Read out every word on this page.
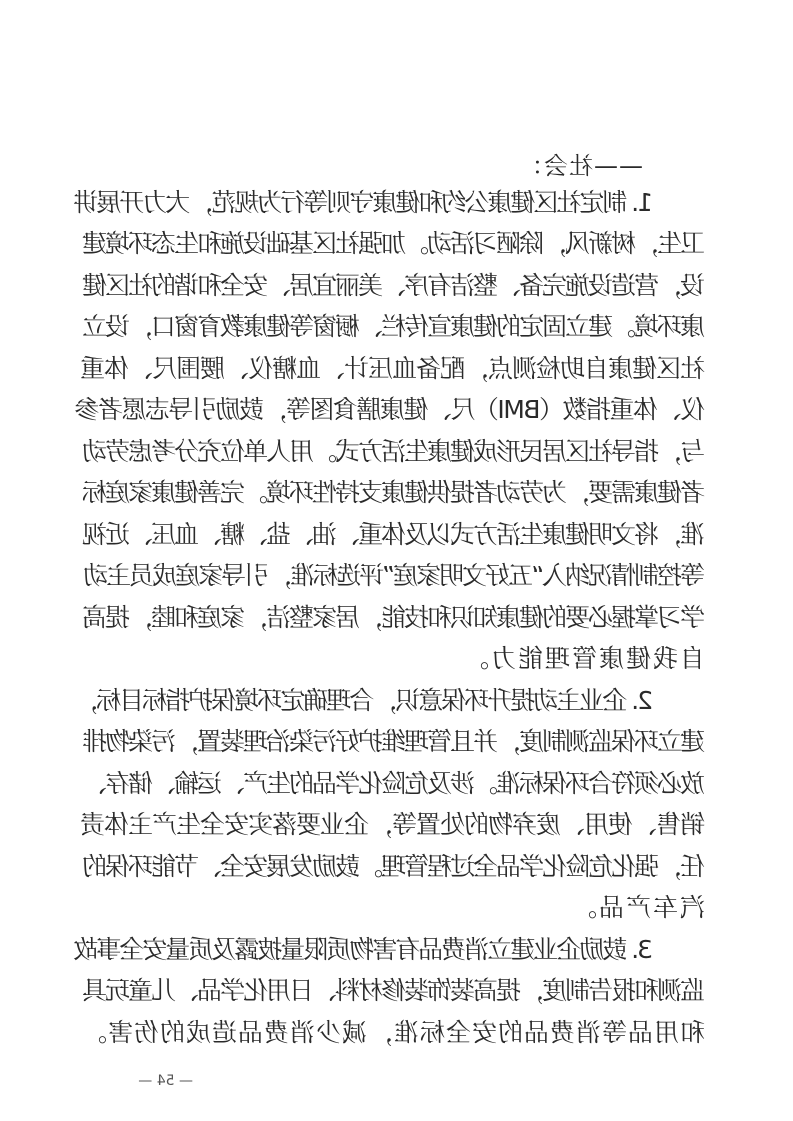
——社会：
1. 制定社区健康公约和健康守则等行为规范，大力开展讲
卫生，树新风，除陋习活动。加强社区基础设施和生态环境建
设，营造设施完备、整洁有序、美丽宜居、安全和谐的社区健
康环境。建立固定的健康宣传栏、橱窗等健康教育窗口，设立
社区健康自助检测点，配备血压计、血糖仪、腰围尺、体重
仪、体重指数（BMI）尺、健康膳食图等，鼓励引导志愿者参
与，指导社区居民形成健康生活方式。用人单位充分考虑劳动
者健康需要，为劳动者提供健康支持性环境。完善健康家庭标
准，将文明健康生活方式以及体重、油、盐、糖、血压、近视
等控制情况纳入“五好文明家庭”评选标准，引导家庭成员主动
学习掌握必要的健康知识和技能，居家整洁，家庭和睦，提高
自我健康管理能力。
2. 企业主动提升环保意识，合理确定环境保护指标目标，
建立环保监测制度，并且管理维护好污染治理装置，污染物排
放必须符合环保标准。涉及危险化学品的生产、运输、储存、
销售、使用、废弃物的处置等，企业要落实安全生产主体责
任，强化危险化学品全过程管理。鼓励发展安全、节能环保的
汽车产品。
3. 鼓励企业建立消费品有害物质限量披露及质量安全事故
监测和报告制度，提高装饰装修材料、日用化学品、儿童玩具
和用品等消费品的安全标准，减少消费品造成的伤害。
— 54 —
